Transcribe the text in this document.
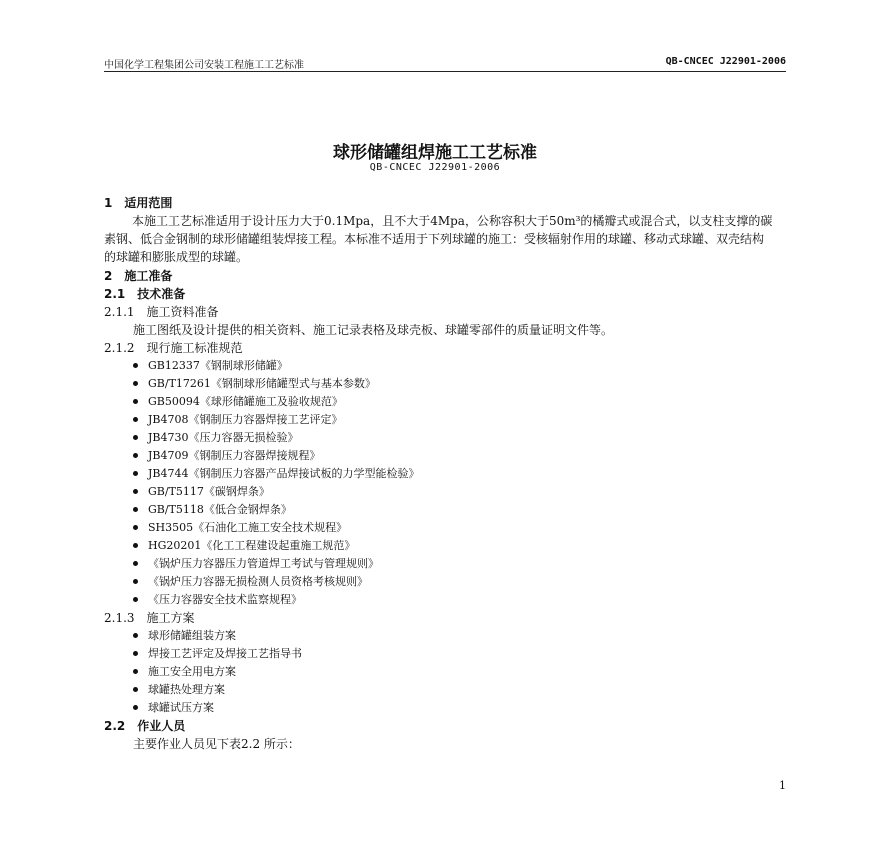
中国化学工程集团公司安装工程施工工艺标准	QB-CNCEC J22901-2006
球形储罐组焊施工工艺标准
QB-CNCEC J22901-2006
1　适用范围
本施工工艺标准适用于设计压力大于0.1Mpa，且不大于4Mpa，公称容积大于50m³的橘瓣式或混合式，以支柱支撑的碳素钢、低合金钢制的球形储罐组装焊接工程。本标准不适用于下列球罐的施工：受核辐射作用的球罐、移动式球罐、双壳结构的球罐和膨胀成型的球罐。
2　施工准备
2.1　技术准备
2.1.1　施工资料准备
施工图纸及设计提供的相关资料、施工记录表格及球壳板、球罐零部件的质量证明文件等。
2.1.2　现行施工标准规范
GB12337《钢制球形储罐》
GB/T17261《钢制球形储罐型式与基本参数》
GB50094《球形储罐施工及验收规范》
JB4708《钢制压力容器焊接工艺评定》
JB4730《压力容器无损检验》
JB4709《钢制压力容器焊接规程》
JB4744《钢制压力容器产品焊接试板的力学型能检验》
GB/T5117《碳钢焊条》
GB/T5118《低合金钢焊条》
SH3505《石油化工施工安全技术规程》
HG20201《化工工程建设起重施工规范》
《锅炉压力容器压力管道焊工考试与管理规则》
《锅炉压力容器无损检测人员资格考核规则》
《压力容器安全技术监察规程》
2.1.3　施工方案
球形储罐组装方案
焊接工艺评定及焊接工艺指导书
施工安全用电方案
球罐热处理方案
球罐试压方案
2.2　作业人员
主要作业人员见下表2.2 所示：
1
